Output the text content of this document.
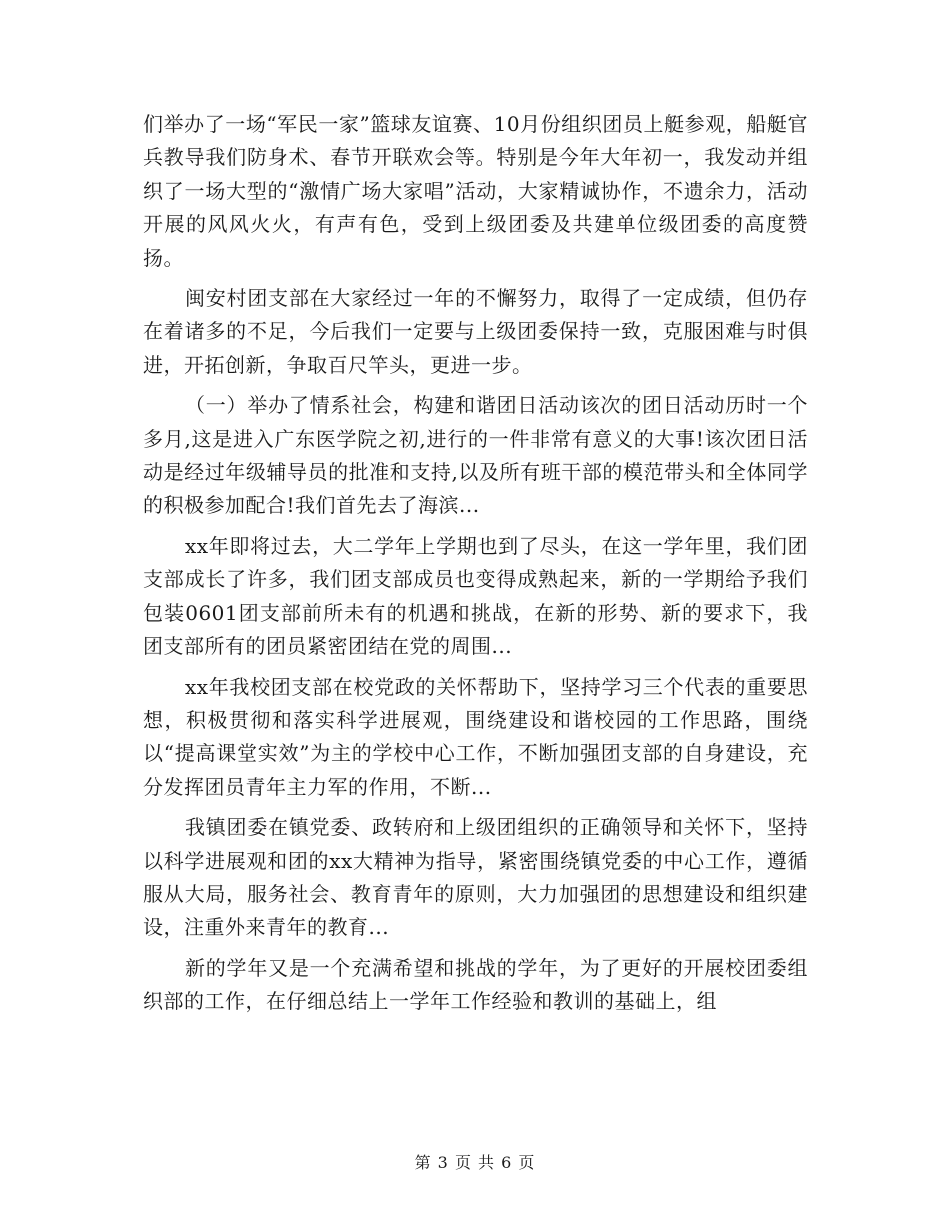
们举办了一场“军民一家”篮球友谊赛、10月份组织团员上艇参观，船艇官兵教导我们防身术、春节开联欢会等。特别是今年大年初一，我发动并组织了一场大型的“激情广场大家唱”活动，大家精诚协作，不遗余力，活动开展的风风火火，有声有色，受到上级团委及共建单位级团委的高度赞扬。

闽安村团支部在大家经过一年的不懈努力，取得了一定成绩，但仍存在着诸多的不足，今后我们一定要与上级团委保持一致，克服困难与时俱进，开拓创新，争取百尺竿头，更进一步。

（一）举办了情系社会，构建和谐团日活动该次的团日活动历时一个多月,这是进入广东医学院之初,进行的一件非常有意义的大事!该次团日活动是经过年级辅导员的批准和支持,以及所有班干部的模范带头和全体同学的积极参加配合!我们首先去了海滨...

xx年即将过去，大二学年上学期也到了尽头，在这一学年里，我们团支部成长了许多，我们团支部成员也变得成熟起来，新的一学期给予我们包装0601团支部前所未有的机遇和挑战，在新的形势、新的要求下，我团支部所有的团员紧密团结在党的周围...

xx年我校团支部在校党政的关怀帮助下，坚持学习三个代表的重要思想，积极贯彻和落实科学进展观，围绕建设和谐校园的工作思路，围绕以“提高课堂实效”为主的学校中心工作，不断加强团支部的自身建设，充分发挥团员青年主力军的作用，不断...

我镇团委在镇党委、政转府和上级团组织的正确领导和关怀下，坚持以科学进展观和团的xx大精神为指导，紧密围绕镇党委的中心工作，遵循服从大局，服务社会、教育青年的原则，大力加强团的思想建设和组织建设，注重外来青年的教育...

新的学年又是一个充满希望和挑战的学年，为了更好的开展校团委组织部的工作，在仔细总结上一学年工作经验和教训的基础上，组

第 3 页 共 6 页
